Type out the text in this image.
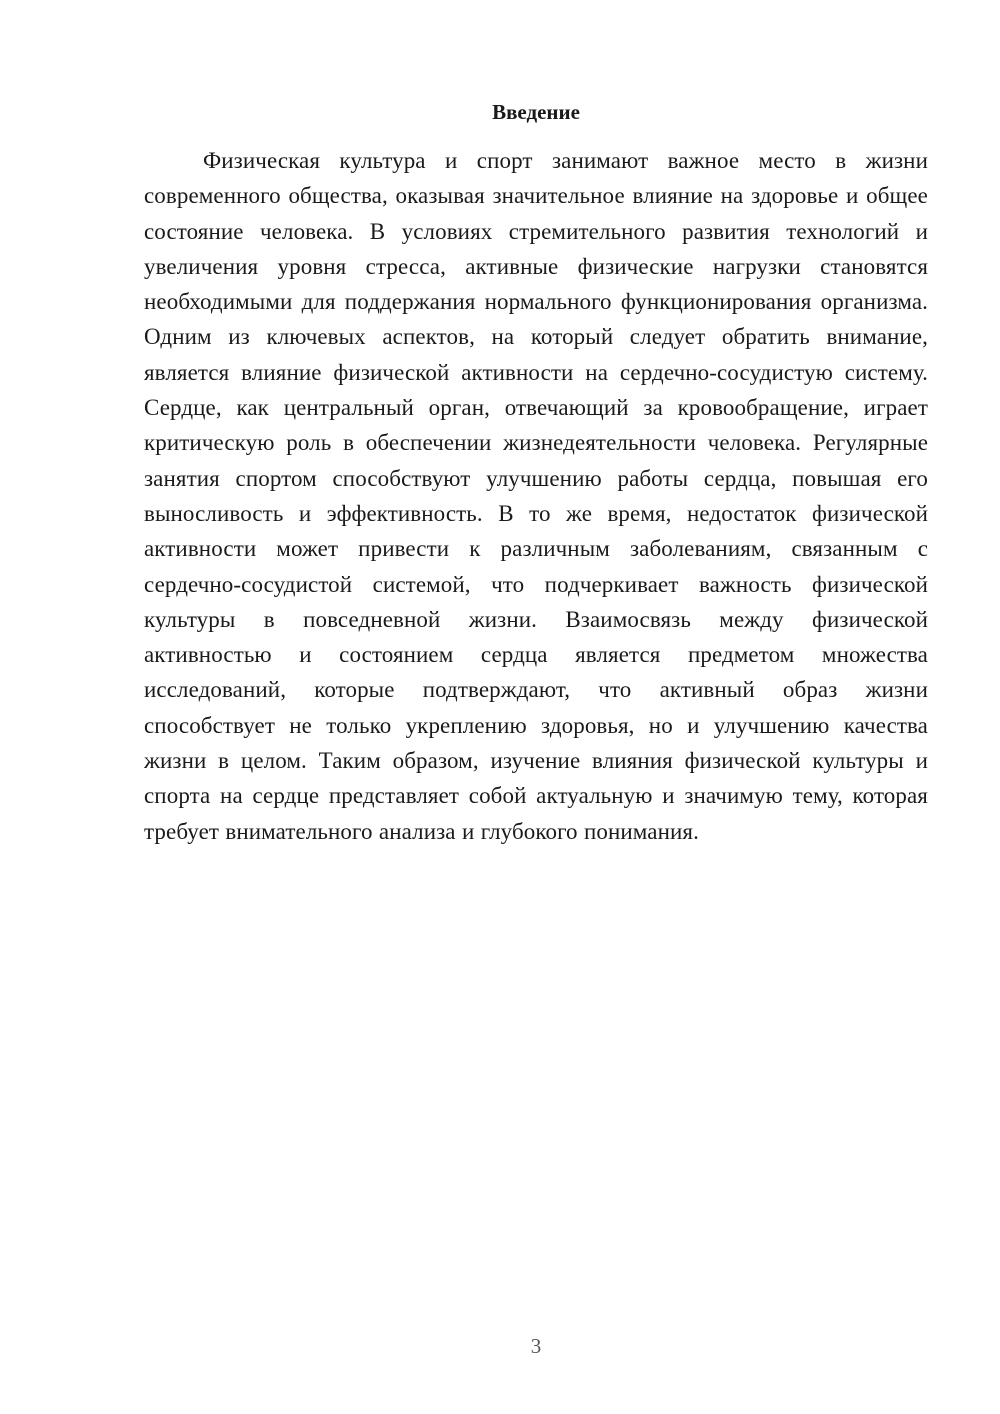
Введение

Физическая культура и спорт занимают важное место в жизни современного общества, оказывая значительное влияние на здоровье и общее состояние человека. В условиях стремительного развития технологий и увеличения уровня стресса, активные физические нагрузки становятся необходимыми для поддержания нормального функционирования организма. Одним из ключевых аспектов, на который следует обратить внимание, является влияние физической активности на сердечно-сосудистую систему. Сердце, как центральный орган, отвечающий за кровообращение, играет критическую роль в обеспечении жизнедеятельности человека. Регулярные занятия спортом способствуют улучшению работы сердца, повышая его выносливость и эффективность. В то же время, недостаток физической активности может привести к различным заболеваниям, связанным с сердечно-сосудистой системой, что подчеркивает важность физической культуры в повседневной жизни. Взаимосвязь между физической активностью и состоянием сердца является предметом множества исследований, которые подтверждают, что активный образ жизни способствует не только укреплению здоровья, но и улучшению качества жизни в целом. Таким образом, изучение влияния физической культуры и спорта на сердце представляет собой актуальную и значимую тему, которая требует внимательного анализа и глубокого понимания.

3
